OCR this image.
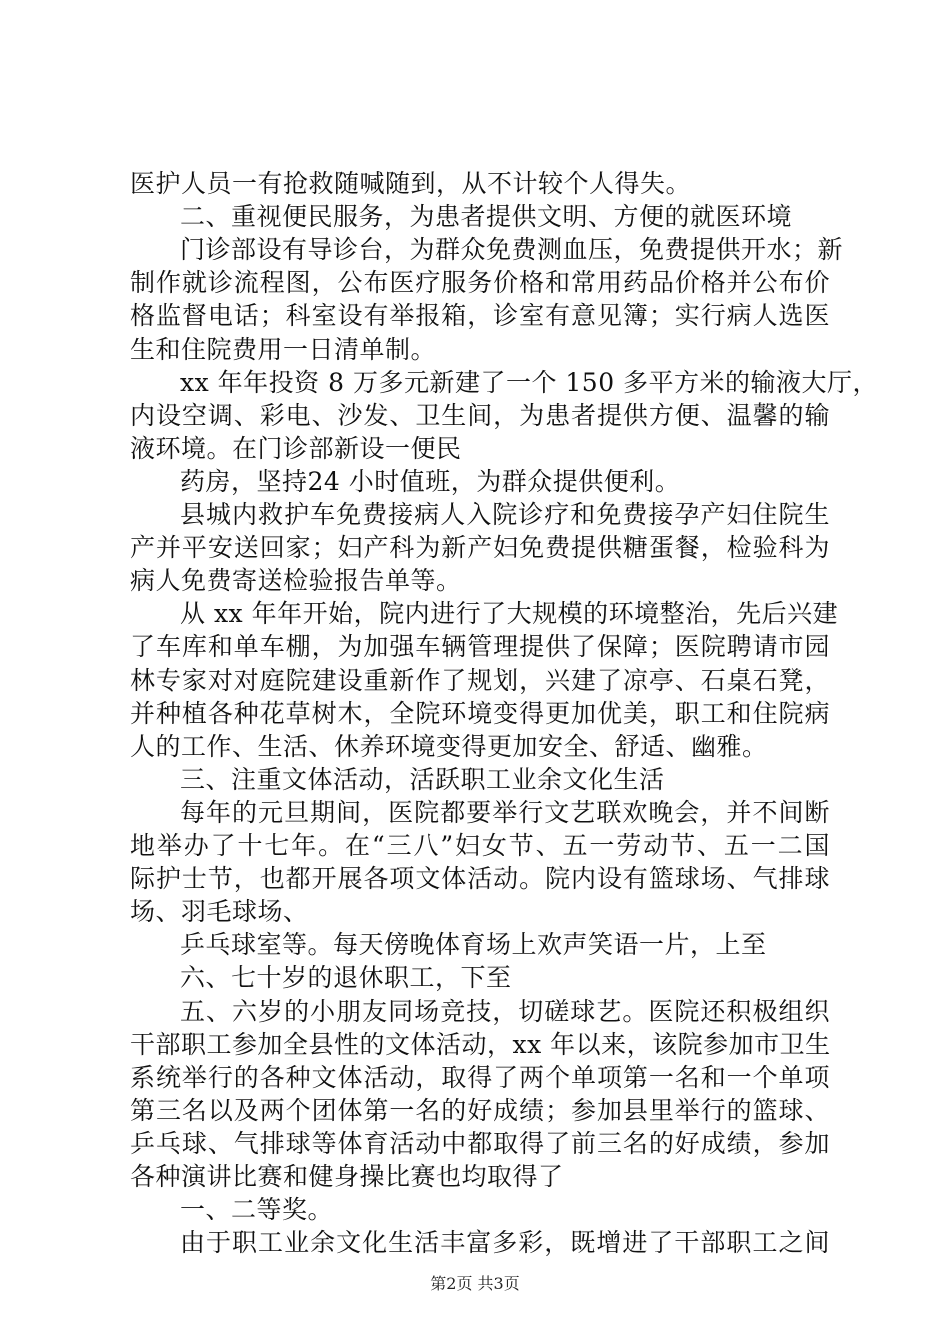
医护人员一有抢救随喊随到，从不计较个人得失。
二、重视便民服务，为患者提供文明、方便的就医环境
门诊部设有导诊台，为群众免费测血压，免费提供开水；新
制作就诊流程图，公布医疗服务价格和常用药品价格并公布价
格监督电话；科室设有举报箱，诊室有意见簿；实行病人选医
生和住院费用一日清单制。
xx 年年投资 8 万多元新建了一个 150 多平方米的输液大厅，
内设空调、彩电、沙发、卫生间，为患者提供方便、温馨的输
液环境。在门诊部新设一便民
药房，坚持24 小时值班，为群众提供便利。
县城内救护车免费接病人入院诊疗和免费接孕产妇住院生
产并平安送回家；妇产科为新产妇免费提供糖蛋餐，检验科为
病人免费寄送检验报告单等。
从 xx 年年开始，院内进行了大规模的环境整治，先后兴建
了车库和单车棚，为加强车辆管理提供了保障；医院聘请市园
林专家对对庭院建设重新作了规划，兴建了凉亭、石桌石凳，
并种植各种花草树木，全院环境变得更加优美，职工和住院病
人的工作、生活、休养环境变得更加安全、舒适、幽雅。
三、注重文体活动，活跃职工业余文化生活
每年的元旦期间，医院都要举行文艺联欢晚会，并不间断
地举办了十七年。在“三八”妇女节、五一劳动节、五一二国
际护士节，也都开展各项文体活动。院内设有篮球场、气排球
场、羽毛球场、
乒乓球室等。每天傍晚体育场上欢声笑语一片，上至
六、七十岁的退休职工，下至
五、六岁的小朋友同场竞技，切磋球艺。医院还积极组织
干部职工参加全县性的文体活动，xx 年以来，该院参加市卫生
系统举行的各种文体活动，取得了两个单项第一名和一个单项
第三名以及两个团体第一名的好成绩；参加县里举行的篮球、
乒乓球、气排球等体育活动中都取得了前三名的好成绩，参加
各种演讲比赛和健身操比赛也均取得了
一、二等奖。
由于职工业余文化生活丰富多彩，既增进了干部职工之间
第2页 共3页
